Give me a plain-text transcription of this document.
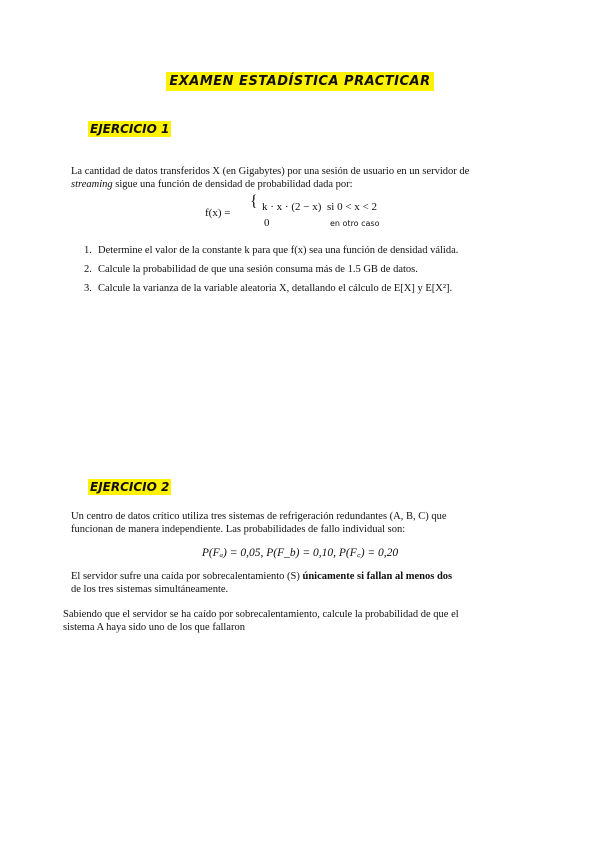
EXAMEN ESTADÍSTICA PRACTICAR
EJERCICIO 1
La cantidad de datos transferidos X (en Gigabytes) por una sesión de usuario en un servidor de
streaming sigue una función de densidad de probabilidad dada por:
f(x) =
{ k · x · (2 − x) si 0 < x < 2
0	en otro caso
1. Determine el valor de la constante k para que f(x) sea una función de densidad válida.
2. Calcule la probabilidad de que una sesión consuma más de 1.5 GB de datos.
3. Calcule la varianza de la variable aleatoria X, detallando el cálculo de E[X] y E[X²].
EJERCICIO 2
Un centro de datos crítico utiliza tres sistemas de refrigeración redundantes (A, B, C) que
funcionan de manera independiente. Las probabilidades de fallo individual son:
P(Fₐ) = 0,05, P(F_b) = 0,10, P(F꜀) = 0,20
El servidor sufre una caída por sobrecalentamiento (S) únicamente si fallan al menos dos
de los tres sistemas simultáneamente.
Sabiendo que el servidor se ha caído por sobrecalentamiento, calcule la probabilidad de que el
sistema A haya sido uno de los que fallaron
